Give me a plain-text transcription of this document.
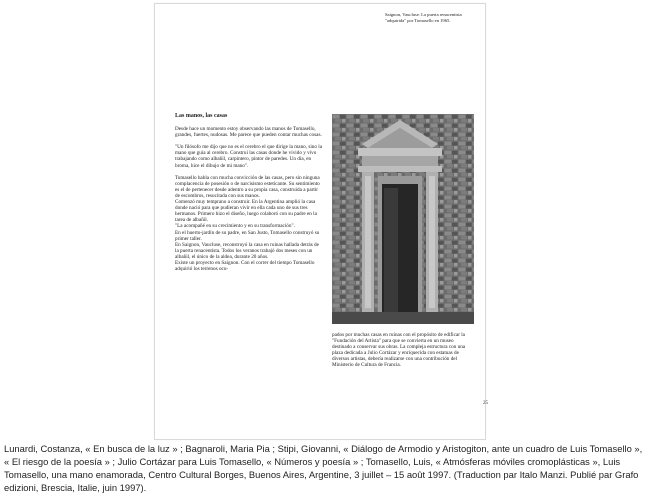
Saignon, Vaucluse. La puerta renacentista "adquirida" por Tomasello en 1965.
Las manos, las casas

Desde hace un momento estoy observando las manos de Tomasello, grandes, fuertes, nudosas. Me parece que pueden contar muchas cosas.

"Un filósofo me dijo que no es el cerebro el que dirige la mano, sino la mano que guía al cerebro. Construí las casas donde he vivido y vivo trabajando como albañil, carpintero, pintor de paredes. Un día, en broma, hice el dibujo de mi mano".

Tomasello habla con mucha convicción de las casas, pero sin ninguna complacencia de posesión o de narcisismo esteticante. Su sentimiento es el de pertenecer desde adentro a su propia casa, construida a partir de escombros, resucitada con sus manos.

Comenzó muy temprano a construir. En la Argentina amplió la casa donde nació para que pudieran vivir en ella cada uno de sus tres hermanos. Primero hizo el diseño, luego colaboró con su padre en la tarea de albañil.

"La acompañé en su crecimiento y en su transformación".

En el huerto-jardín de su padre, en San Justo, Tomasello construyó su primer taller.

En Saignon, Vaucluse, reconstruyó la casa en ruinas hallada detrás de la puerta renacentista. Todos los veranos trabajó dos meses con un albañil, el único de la aldea, durante 20 años.

Existe un proyecto en Saignon. Con el correr del tiempo Tomasello adquirió los terrenos ocu-

pados por muchas casas en ruinas con el propósito de edificar la "Fundación del Artista" para que se convierta en un museo destinado a conservar sus obras. La compleja estructura con una plaza dedicada a Julio Cortázar y enriquecida con estatuas de diversos artistas, debería realizarse con una contribución del Ministerio de Cultura de Francia.
25
Lunardi, Costanza, « En busca de la luz » ; Bagnaroli, Maria Pia ; Stipi, Giovanni, « Diálogo de Armodio y Aristogiton, ante un cuadro de Luis Tomasello », « El riesgo de la poesía » ; Julio Cortázar para Luis Tomasello, « Números y poesía » ; Tomasello, Luis, « Atmósferas móviles cromoplásticas », Luis Tomasello, una mano enamorada, Centro Cultural Borges, Buenos Aires, Argentine, 3 juillet – 15 août 1997. (Traduction par Italo Manzi. Publié par Grafo edizioni, Brescia, Italie, juin 1997).
